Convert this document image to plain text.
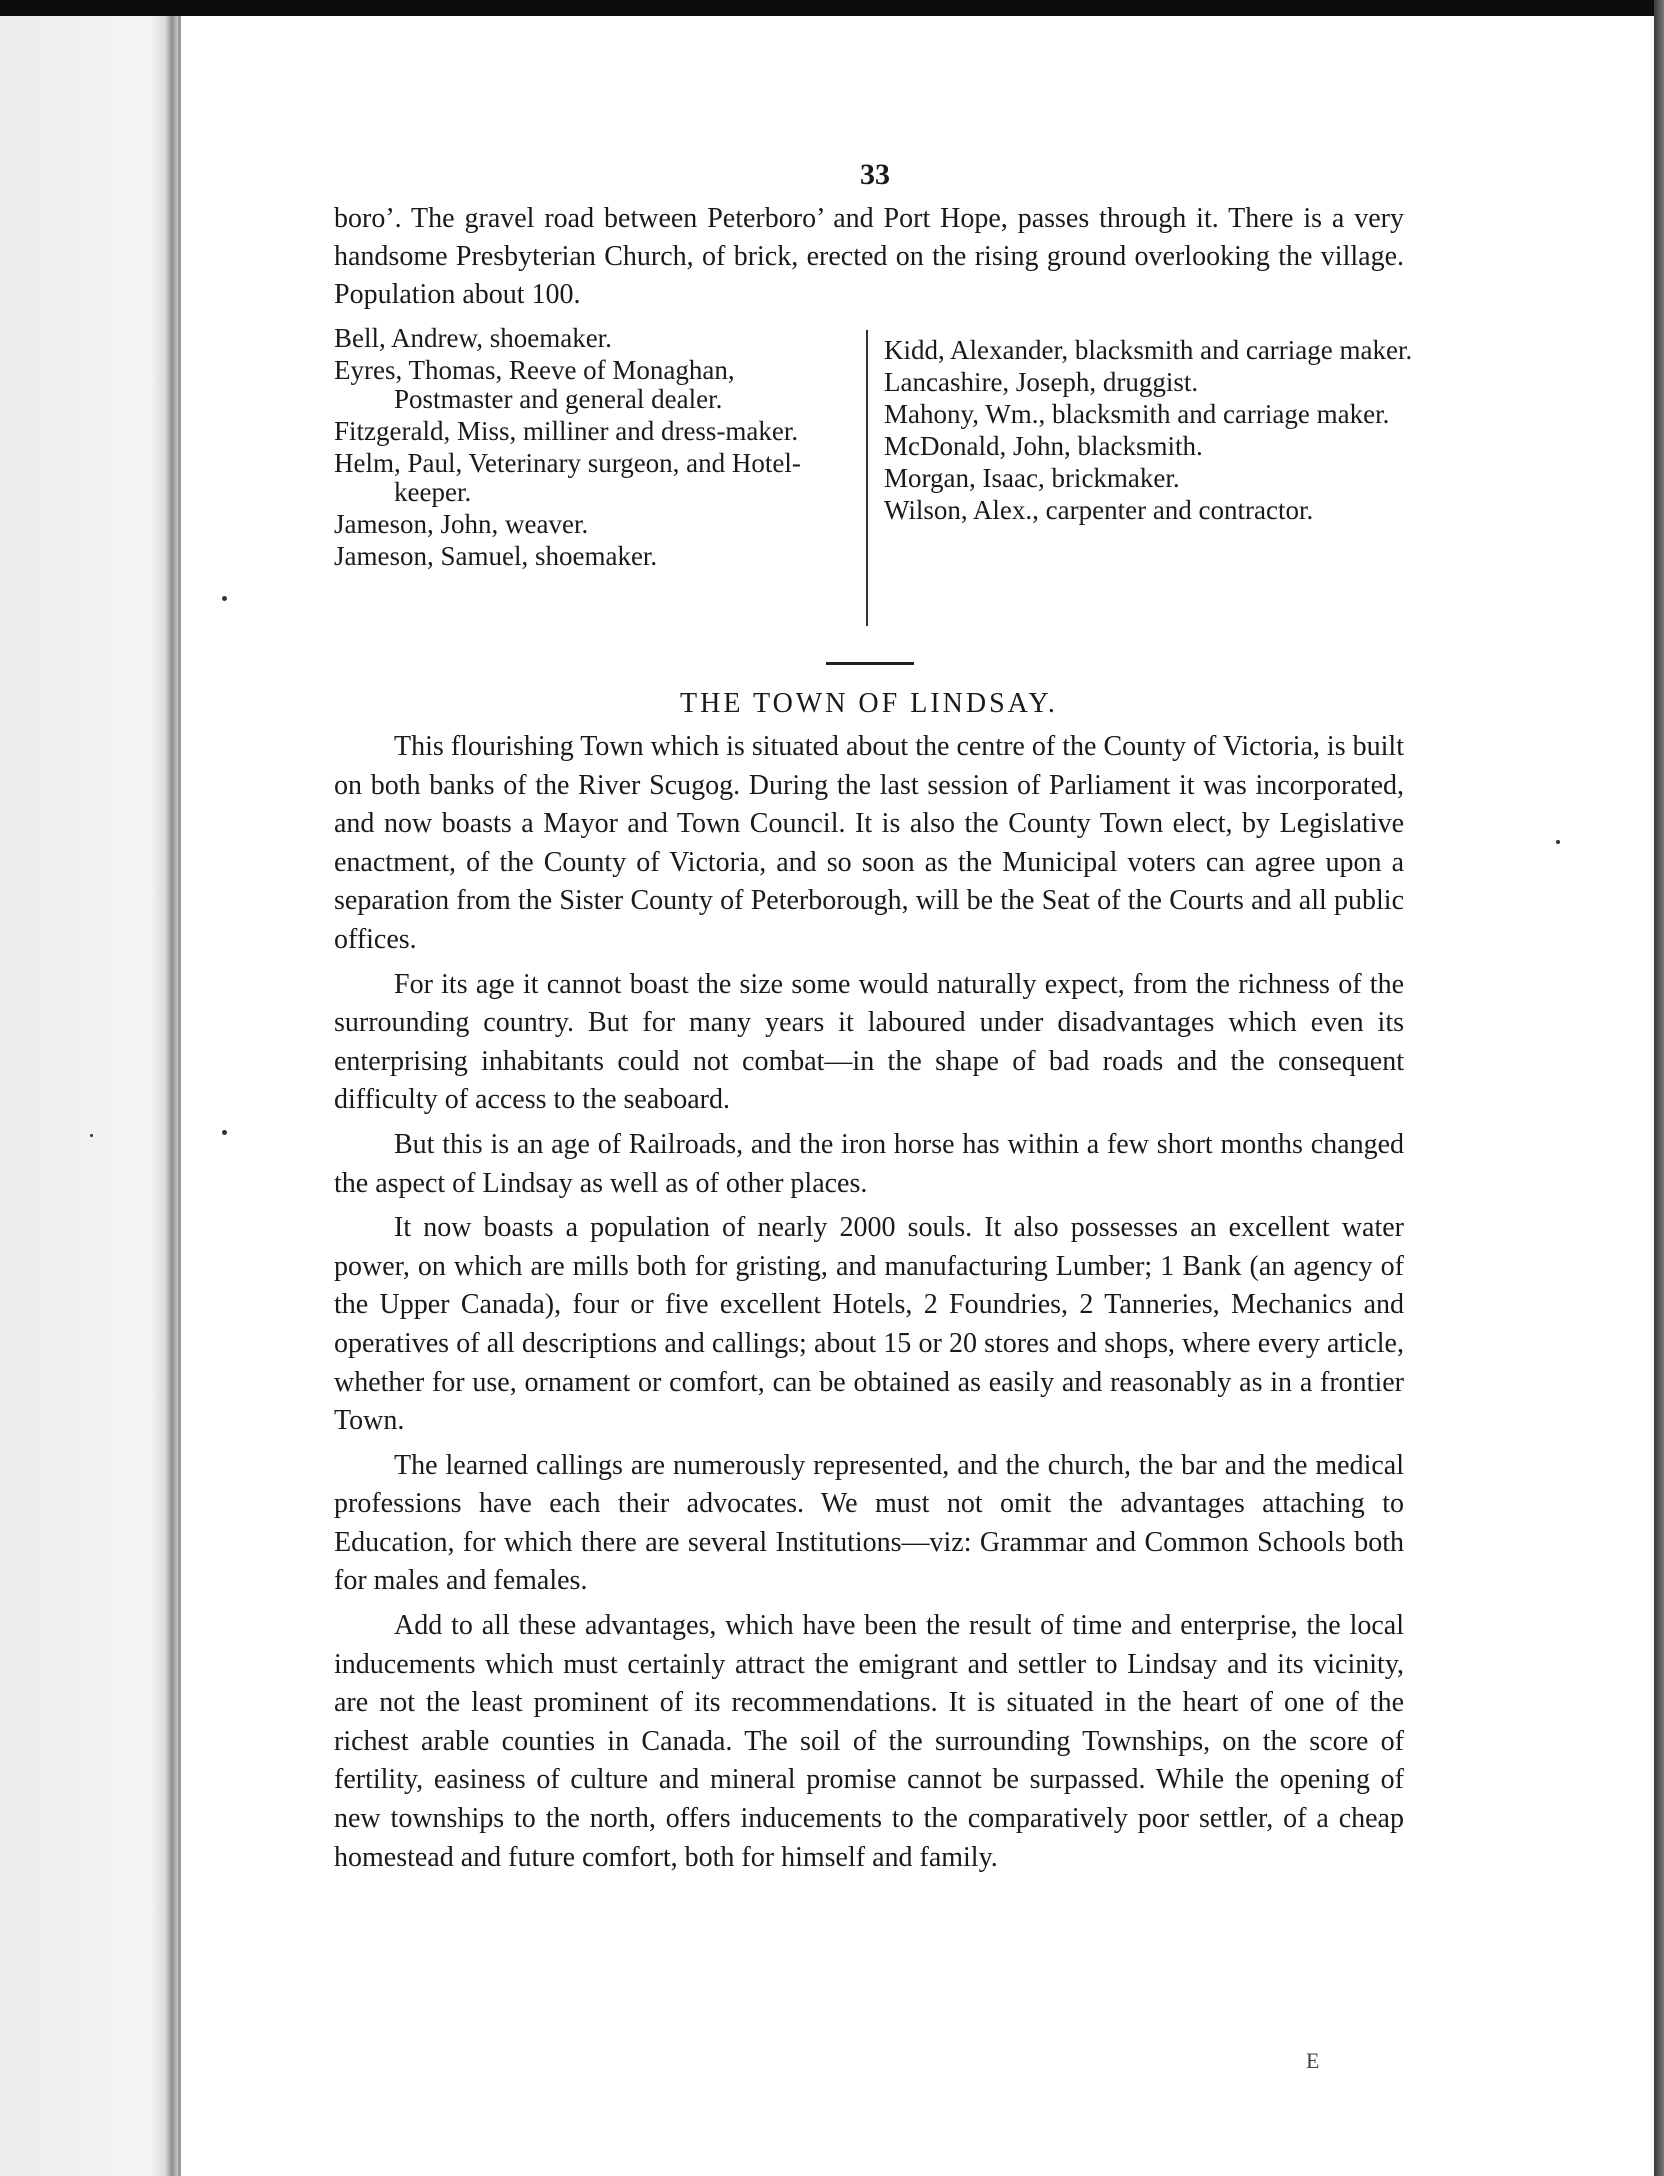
33

boro’. The gravel road between Peterboro’ and Port Hope, passes through it. There is a very handsome Presbyterian Church, of brick, erected on the rising ground overlooking the village. Population about 100.

Bell, Andrew, shoemaker.

Eyres, Thomas, Reeve of Monaghan, Postmaster and general dealer.

Fitzgerald, Miss, milliner and dress-maker.

Helm, Paul, Veterinary surgeon, and Hotel-keeper.

Jameson, John, weaver.

Jameson, Samuel, shoemaker.

Kidd, Alexander, blacksmith and carriage maker.

Lancashire, Joseph, druggist.

Mahony, Wm., blacksmith and carriage maker.

McDonald, John, blacksmith.

Morgan, Isaac, brickmaker.

Wilson, Alex., carpenter and contractor.

THE TOWN OF LINDSAY.

This flourishing Town which is situated about the centre of the County of Victoria, is built on both banks of the River Scugog. During the last session of Parliament it was incorporated, and now boasts a Mayor and Town Council. It is also the County Town elect, by Legislative enactment, of the County of Victoria, and so soon as the Municipal voters can agree upon a separation from the Sister County of Peterborough, will be the Seat of the Courts and all public offices.

For its age it cannot boast the size some would naturally expect, from the richness of the surrounding country. But for many years it laboured under disadvantages which even its enterprising inhabitants could not combat—in the shape of bad roads and the consequent difficulty of access to the seaboard.

But this is an age of Railroads, and the iron horse has within a few short months changed the aspect of Lindsay as well as of other places.

It now boasts a population of nearly 2000 souls. It also possesses an excellent water power, on which are mills both for gristing, and manufacturing Lumber; 1 Bank (an agency of the Upper Canada), four or five excellent Hotels, 2 Foundries, 2 Tanneries, Mechanics and operatives of all descriptions and callings; about 15 or 20 stores and shops, where every article, whether for use, ornament or comfort, can be obtained as easily and reasonably as in a frontier Town.

The learned callings are numerously represented, and the church, the bar and the medical professions have each their advocates. We must not omit the advantages attaching to Education, for which there are several Institutions—viz: Grammar and Common Schools both for males and females.

Add to all these advantages, which have been the result of time and enterprise, the local inducements which must certainly attract the emigrant and settler to Lindsay and its vicinity, are not the least prominent of its recommendations. It is situated in the heart of one of the richest arable counties in Canada. The soil of the surrounding Townships, on the score of fertility, easiness of culture and mineral promise cannot be surpassed. While the opening of new townships to the north, offers inducements to the comparatively poor settler, of a cheap homestead and future comfort, both for himself and family.

E
